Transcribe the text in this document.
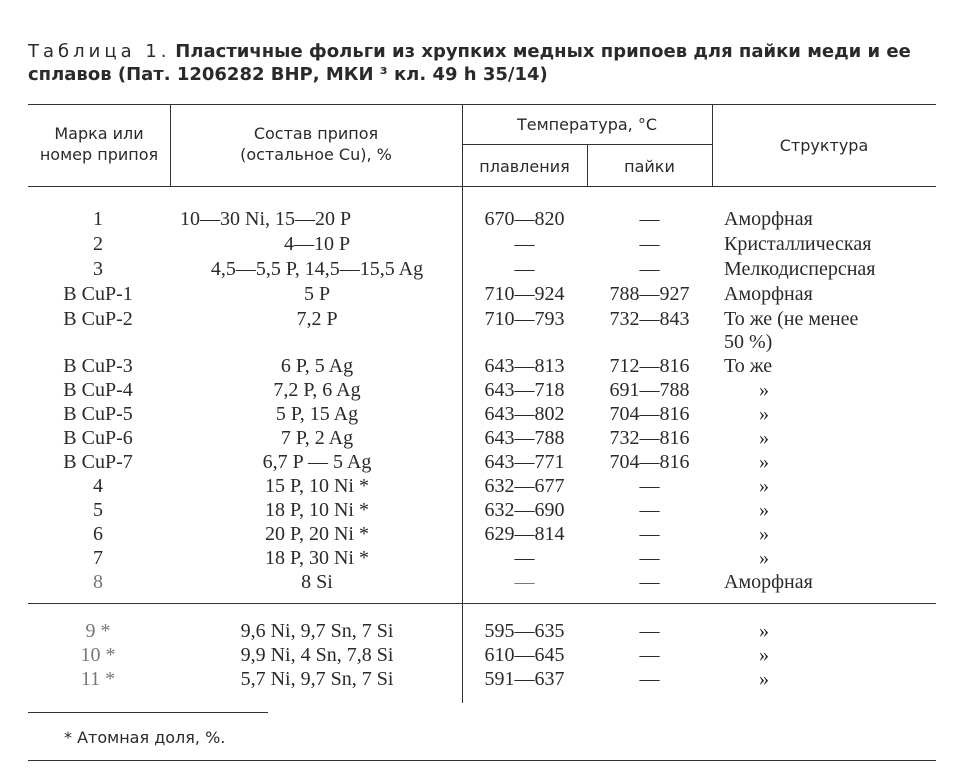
Таблица 1. Пластичные фольги из хрупких медных припоев для пайки меди и ее сплавов (Пат. 1206282 ВНР, МКИ ³ кл. 49 h 35/14)
Марка или
номер припоя
Состав припоя
(остальное Cu), %
Температура, °С
плавления	пайки
Структура
1	10—30 Ni, 15—20 P	670—820	—	Аморфная
2	4—10 P	—	—	Кристаллическая
3	4,5—5,5 P, 14,5—15,5 Ag	—	—	Мелкодисперсная
B CuP-1	5 P	710—924	788—927	Аморфная
B CuP-2	7,2 P	710—793	732—843	То же (не менее
50 %)
B CuP-3	6 P, 5 Ag	643—813	712—816	То же
B CuP-4	7,2 P, 6 Ag	643—718	691—788	»
B CuP-5	5 P, 15 Ag	643—802	704—816	»
B CuP-6	7 P, 2 Ag	643—788	732—816	»
B CuP-7	6,7 P — 5 Ag	643—771	704—816	»
4	15 P, 10 Ni *	632—677	—	»
5	18 P, 10 Ni *	632—690	—	»
6	20 P, 20 Ni *	629—814	—	»
7	18 P, 30 Ni *	—	—	»
8	8 Si	—	—	Аморфная
9 *	9,6 Ni, 9,7 Sn, 7 Si	595—635	—	»
10 *	9,9 Ni, 4 Sn, 7,8 Si	610—645	—	»
11 *	5,7 Ni, 9,7 Sn, 7 Si	591—637	—	»
* Атомная доля, %.
